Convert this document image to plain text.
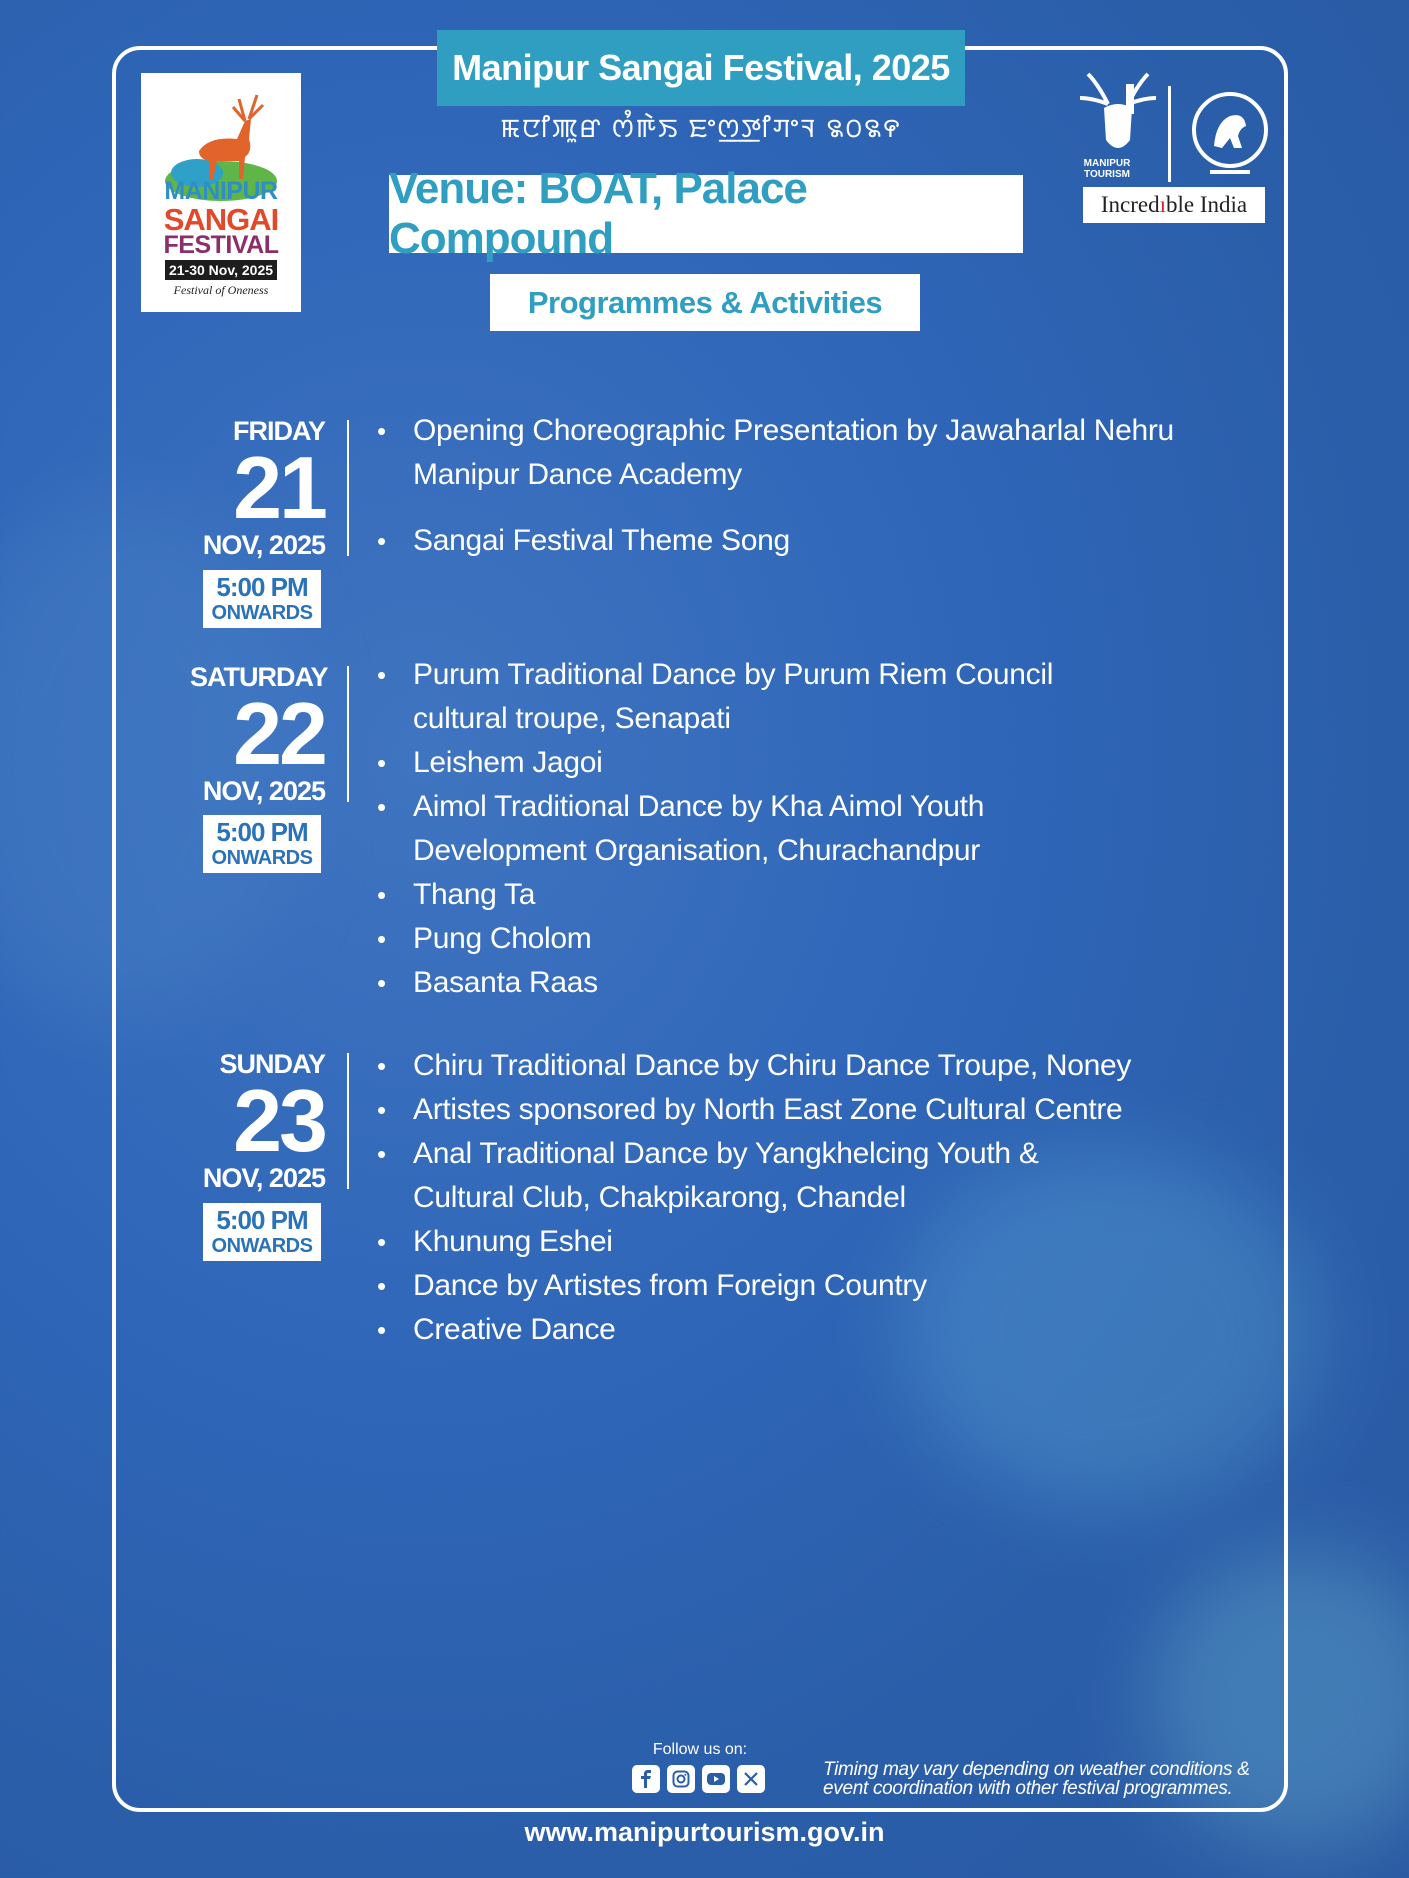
Manipur Sangai Festival, 2025
ꯃꯅꯤꯄꯨꯔ ꯁꯪꯒꯥꯏ ꯐꯦꯁ꯭ꯇꯤꯚꯦꯜ ꯲꯰꯲꯵
Venue: BOAT, Palace Compound
Programmes & Activities
MANIPUR
SANGAI
FESTIVAL
21-30 Nov, 2025
Festival of Oneness
MANIPUR TOURISM
Incred ı ble
India
FRIDAY
21
NOV, 2025
5:00 PM
ONWARDS
• Opening Choreographic Presentation by Jawaharlal Nehru
Manipur Dance Academy
• Sangai Festival Theme Song
SATURDAY
22
NOV, 2025
5:00 PM
ONWARDS
• Purum Traditional Dance by Purum Riem Council
cultural troupe, Senapati
• Leishem Jagoi
• Aimol Traditional Dance by Kha Aimol Youth
Development Organisation, Churachandpur
• Thang Ta
• Pung Cholom
• Basanta Raas
SUNDAY
23
NOV, 2025
5:00 PM
ONWARDS
• Chiru Traditional Dance by Chiru Dance Troupe, Noney
• Artistes sponsored by North East Zone Cultural Centre
• Anal Traditional Dance by Yangkhelcing Youth &
Cultural Club, Chakpikarong, Chandel
• Khunung Eshei
• Dance by Artistes from Foreign Country
• Creative Dance
Follow us on:
Timing may vary depending on weather conditions &
event coordination with other festival programmes.
www.manipurtourism.gov.in
